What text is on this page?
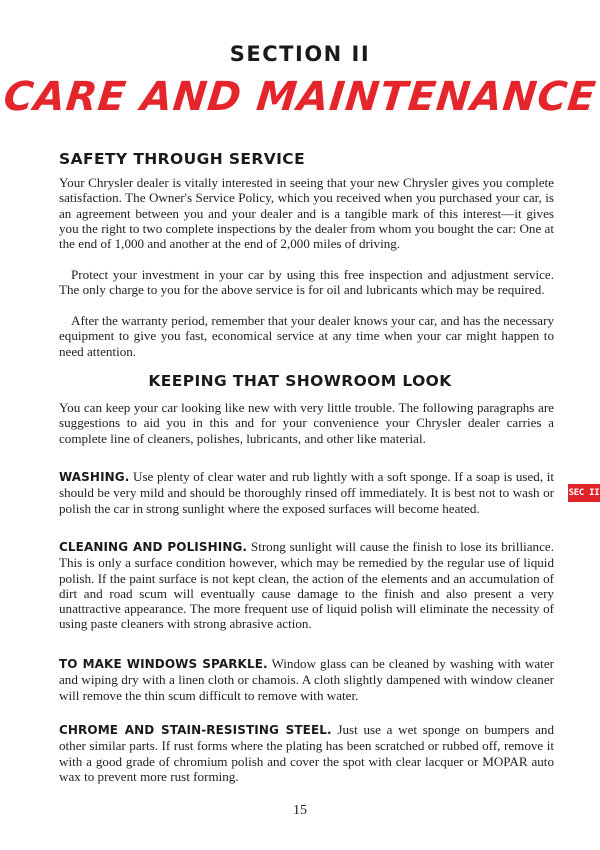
SECTION II
CARE AND MAINTENANCE
SAFETY THROUGH SERVICE

Your Chrysler dealer is vitally interested in seeing that your new Chrysler gives you complete satisfaction. The Owner's Service Policy, which you received when you purchased your car, is an agreement between you and your dealer and is a tangible mark of this interest—it gives you the right to two complete inspections by the dealer from whom you bought the car: One at the end of 1,000 and another at the end of 2,000 miles of driving.

Protect your investment in your car by using this free inspection and adjustment service. The only charge to you for the above service is for oil and lubricants which may be required.

After the warranty period, remember that your dealer knows your car, and has the necessary equipment to give you fast, economical service at any time when your car might happen to need attention.

KEEPING THAT SHOWROOM LOOK

You can keep your car looking like new with very little trouble. The following paragraphs are suggestions to aid you in this and for your convenience your Chrysler dealer carries a complete line of cleaners, polishes, lubricants, and other like material.

WASHING. Use plenty of clear water and rub lightly with a soft sponge. If a soap is used, it should be very mild and should be thoroughly rinsed off immediately. It is best not to wash or polish the car in strong sunlight where the exposed surfaces will become heated.

CLEANING AND POLISHING. Strong sunlight will cause the finish to lose its brilliance. This is only a surface condition however, which may be remedied by the regular use of liquid polish. If the paint surface is not kept clean, the action of the elements and an accumulation of dirt and road scum will eventually cause damage to the finish and also present a very unattractive appearance. The more frequent use of liquid polish will eliminate the necessity of using paste cleaners with strong abrasive action.

TO MAKE WINDOWS SPARKLE. Window glass can be cleaned by washing with water and wiping dry with a linen cloth or chamois. A cloth slightly dampened with window cleaner will remove the thin scum difficult to remove with water.

CHROME AND STAIN-RESISTING STEEL. Just use a wet sponge on bumpers and other similar parts. If rust forms where the plating has been scratched or rubbed off, remove it with a good grade of chromium polish and cover the spot with clear lacquer or MOPAR auto wax to prevent more rust forming.

SEC II
15
